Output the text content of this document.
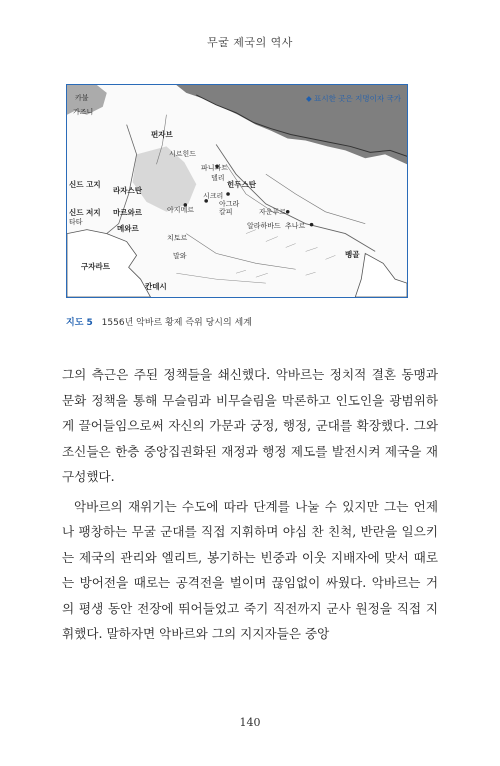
무굴 제국의 역사
◆ 표시한 곳은 지명이자 국가
카불
가즈니
펀자브
시르힌드
파니파트
델리
힌두스탄
신드 고지
라자스탄
신드 저지
타타
아지메르
시크리
아그라
칼피	자운푸르
마르와르
메와르	알라하바드 추나르
치토르
말와
구자라트
벵골
칸데시
지도 5 1556년 악바르 황제 즉위 당시의 세계

그의 측근은 주된 정책들을 쇄신했다. 악바르는 정치적 결혼 동맹과 문화 정책을 통해 무슬림과 비무슬림을 막론하고 인도인을 광범위하게 끌어들임으로써 자신의 가문과 궁정, 행정, 군대를 확장했다. 그와 조신들은 한층 중앙집권화된 재정과 행정 제도를 발전시켜 제국을 재구성했다.

악바르의 재위기는 수도에 따라 단계를 나눌 수 있지만 그는 언제나 팽창하는 무굴 군대를 직접 지휘하며 야심 찬 친척, 반란을 일으키는 제국의 관리와 엘리트, 봉기하는 빈중과 이웃 지배자에 맞서 때로는 방어전을 때로는 공격전을 벌이며 끊임없이 싸웠다. 악바르는 거의 평생 동안 전장에 뛰어들었고 죽기 직전까지 군사 원정을 직접 지휘했다. 말하자면 악바르와 그의 지지자들은 중앙

140
